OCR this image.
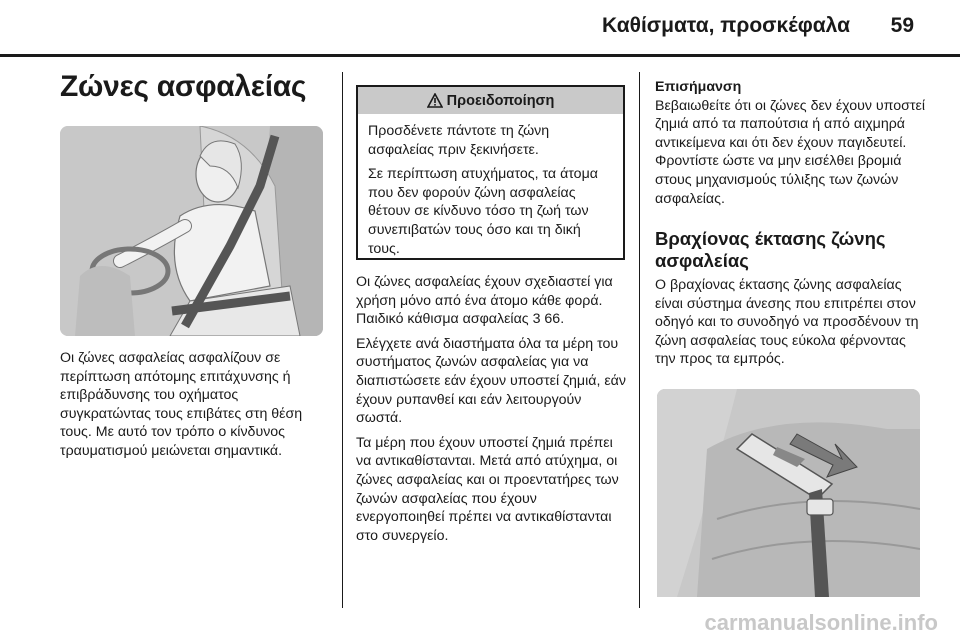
Καθίσματα, προσκέφαλα 59
Ζώνες ασφαλείας
Οι ζώνες ασφαλείας ασφαλίζουν σε περίπτωση απότομης επιτάχυνσης ή επιβράδυνσης του οχήματος συγκρατώντας τους επιβάτες στη θέση τους. Με αυτό τον τρόπο ο κίνδυνος τραυματισμού μειώνεται σημαντικά.
Προειδοποίηση

Προσδένετε πάντοτε τη ζώνη ασφαλείας πριν ξεκινήσετε.

Σε περίπτωση ατυχήματος, τα άτομα που δεν φορούν ζώνη ασφαλείας θέτουν σε κίνδυνο τόσο τη ζωή των συνεπιβατών τους όσο και τη δική τους.

Οι ζώνες ασφαλείας έχουν σχεδιαστεί για χρήση μόνο από ένα άτομο κάθε φορά. Παιδικό κάθισμα ασφαλείας 3 66.

Ελέγχετε ανά διαστήματα όλα τα μέρη του συστήματος ζωνών ασφαλείας για να διαπιστώσετε εάν έχουν υποστεί ζημιά, εάν έχουν ρυπανθεί και εάν λειτουργούν σωστά.

Τα μέρη που έχουν υποστεί ζημιά πρέπει να αντικαθίστανται. Μετά από ατύχημα, οι ζώνες ασφαλείας και οι προεντατήρες των ζωνών ασφαλείας που έχουν ενεργοποιηθεί πρέπει να αντικαθίστανται στο συνεργείο.

Επισήμανση
Βεβαιωθείτε ότι οι ζώνες δεν έχουν υποστεί ζημιά από τα παπούτσια ή από αιχμηρά αντικείμενα και ότι δεν έχουν παγιδευτεί. Φροντίστε ώστε να μην εισέλθει βρομιά στους μηχανισμούς τύλιξης των ζωνών ασφαλείας.
Βραχίονας έκτασης ζώνης ασφαλείας
Ο βραχίονας έκτασης ζώνης ασφαλείας είναι σύστημα άνεσης που επιτρέπει στον οδηγό και το συνοδηγό να προσδένουν τη ζώνη ασφαλείας τους εύκολα φέρνοντας την προς τα εμπρός.
carmanualsonline.info
